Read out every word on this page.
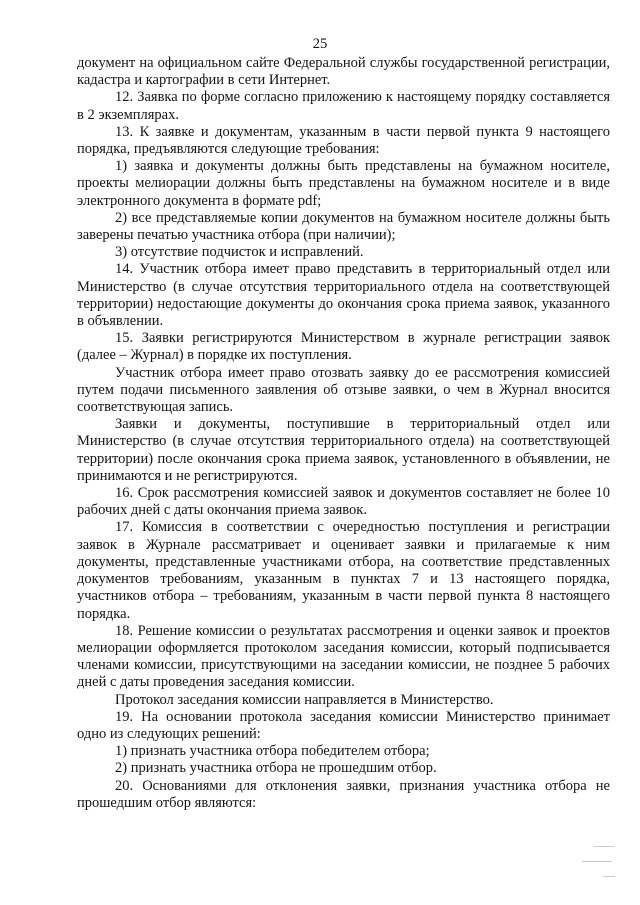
25

документ на официальном сайте Федеральной службы государственной регистрации, кадастра и картографии в сети Интернет.

12. Заявка по форме согласно приложению к настоящему порядку составляется в 2 экземплярах.

13. К заявке и документам, указанным в части первой пункта 9 настоящего порядка, предъявляются следующие требования:

1) заявка и документы должны быть представлены на бумажном носителе, проекты мелиорации должны быть представлены на бумажном носителе и в виде электронного документа в формате pdf;

2) все представляемые копии документов на бумажном носителе должны быть заверены печатью участника отбора (при наличии);

3) отсутствие подчисток и исправлений.

14. Участник отбора имеет право представить в территориальный отдел или Министерство (в случае отсутствия территориального отдела на соответствующей территории) недостающие документы до окончания срока приема заявок, указанного в объявлении.

15. Заявки регистрируются Министерством в журнале регистрации заявок (далее – Журнал) в порядке их поступления.

Участник отбора имеет право отозвать заявку до ее рассмотрения комиссией путем подачи письменного заявления об отзыве заявки, о чем в Журнал вносится соответствующая запись.

Заявки и документы, поступившие в территориальный отдел или Министерство (в случае отсутствия территориального отдела) на соответствующей территории) после окончания срока приема заявок, установленного в объявлении, не принимаются и не регистрируются.

16. Срок рассмотрения комиссией заявок и документов составляет не более 10 рабочих дней с даты окончания приема заявок.

17. Комиссия в соответствии с очередностью поступления и регистрации заявок в Журнале рассматривает и оценивает заявки и прилагаемые к ним документы, представленные участниками отбора, на соответствие представленных документов требованиям, указанным в пунктах 7 и 13 настоящего порядка, участников отбора – требованиям, указанным в части первой пункта 8 настоящего порядка.

18. Решение комиссии о результатах рассмотрения и оценки заявок и проектов мелиорации оформляется протоколом заседания комиссии, который подписывается членами комиссии, присутствующими на заседании комиссии, не позднее 5 рабочих дней с даты проведения заседания комиссии.

Протокол заседания комиссии направляется в Министерство.

19. На основании протокола заседания комиссии Министерство принимает одно из следующих решений:

1) признать участника отбора победителем отбора;

2) признать участника отбора не прошедшим отбор.

20. Основаниями для отклонения заявки, признания участника отбора не прошедшим отбор являются:
